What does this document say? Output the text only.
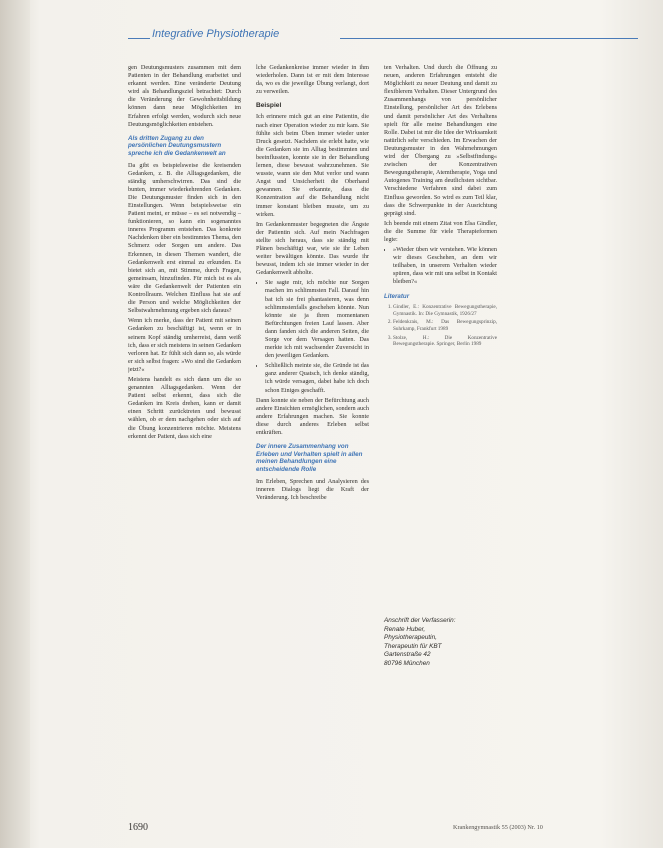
Integrative Physiotherapie

gen Deutungsmusters zusammen mit dem Patienten in der Behandlung erarbeitet und erkannt werden. Eine veränderte Deutung wird als Behandlungsziel betrachtet: Durch die Veränderung der Gewohnheitsbildung können dann neue Möglichkeiten im Erfahren erfolgt werden, wodurch sich neue Deutungsmöglichkeiten entstehen.

Als dritten Zugang zu den persönlichen Deutungsmustern spreche ich die Gedankenwelt an

Da gibt es beispielsweise die kreisenden Gedanken, z. B. die Alltagsgedanken, die ständig umherschwirren. Das sind die bunten, immer wiederkehrenden Gedanken. Die Deutungsmuster finden sich in den Einstellungen. Wenn beispielsweise ein Patient meint, er müsse – es sei notwendig – funktionieren, so kann ein sogenanntes inneres Programm entstehen. Das konkrete Nachdenken über ein bestimmtes Thema, den Schmerz oder Sorgen um andere. Das Erkennen, in diesen Themen wandert, die Gedankenwelt erst einmal zu erkunden. Es bietet sich an, mit Stimme, durch Fragen, gemeinsam, hinzufinden. Für mich ist es als wäre die Gedankenwelt der Patienten ein Kontrollraum. Welchen Einfluss hat sie auf die Person und welche Möglichkeiten der Selbstwahrnehmung ergeben sich daraus?

Wenn ich merke, dass der Patient mit seinen Gedanken zu beschäftigt ist, wenn er in seinem Kopf ständig umherreist, dann weiß ich, dass er sich meistens in seinen Gedanken verloren hat. Er fühlt sich dann so, als würde er sich selbst fragen: »Wo sind die Gedanken jetzt?«

Meistens handelt es sich dann um die so genannten Alltagsgedanken. Wenn der Patient selbst erkennt, dass sich die Gedanken im Kreis drehen, kann er damit einen Schritt zurücktreten und bewusst wählen, ob er dem nachgehen oder sich auf die Übung konzentrieren möchte. Meistens erkennt der Patient, dass sich eine

lche Gedankenkreise immer wieder in ihm wiederholen. Dann ist er mit dem Interesse da, wo es die jeweilige Übung verlangt, dort zu verweilen.

Beispiel

Ich erinnere mich gut an eine Patientin, die nach einer Operation wieder zu mir kam. Sie fühlte sich beim Üben immer wieder unter Druck gesetzt. Nachdem sie erlebt hatte, wie die Gedanken sie im Alltag bestimmten und beeinflussten, konnte sie in der Behandlung lernen, diese bewusst wahrzunehmen. Sie wusste, wann sie den Mut verlor und wann Angst und Unsicherheit die Oberhand gewannen. Sie erkannte, dass die Konzentration auf die Behandlung nicht immer konstant bleiben musste, um zu wirken.

Im Gedankenmuster begegneten die Ängste der Patientin sich. Auf mein Nachfragen stellte sich heraus, dass sie ständig mit Plänen beschäftigt war, wie sie ihr Leben weiter bewältigen könnte. Das wurde ihr bewusst, indem ich sie immer wieder in der Gedankenwelt abholte.

• Sie sagte mir, ich möchte nur Sorgen machen im schlimmsten Fall. Darauf hin bat ich sie frei phantasieren, was denn schlimmstenfalls geschehen könnte. Nun könnte sie ja ihren momentanen Befürchtungen freien Lauf lassen. Aber dann fanden sich die anderen Seiten, die Sorge vor dem Versagen hatten. Das merkte ich mit wachsender Zuversicht in den jeweiligen Gedanken.
• Schließlich meinte sie, die Gründe ist das ganz anderer Quatsch, ich denke ständig, ich würde versagen, dabei habe ich doch schon Einiges geschafft.

Dann konnte sie neben der Befürchtung auch andere Einsichten ermöglichen, sondern auch andere Erfahrungen machen. Sie konnte diese durch anderes Erleben selbst entkräften.

Der innere Zusammenhang von Erleben und Verhalten spielt in allen meinen Behandlungen eine entscheidende Rolle

Im Erleben, Sprechen und Analysieren des inneren Dialogs liegt die Kraft der Veränderung. Ich beschreibe

ten Verhalten. Und durch die Öffnung zu neuen, anderen Erfahrungen entsteht die Möglichkeit zu neuer Deutung und damit zu flexiblerem Verhalten. Dieser Untergrund des Zusammenhangs von persönlicher Einstellung, persönlicher Art des Erlebens und damit persönlicher Art des Verhaltens spielt für alle meine Behandlungen eine Rolle. Dabei ist mir die Idee der Wirksamkeit natürlich sehr verschieden. Im Erwachen der Deutungsmuster in den Wahrnehmungen wird der Übergang zu »Selbstfindung« zwischen der Konzentrativen Bewegungstherapie, Atemtherapie, Yoga und Autogenes Training am deutlichsten sichtbar. Verschiedene Verfahren sind dabei zum Einfluss geworden. So wird es zum Teil klar, dass die Schwerpunkte in der Ausrichtung geprägt sind.

Ich beende mit einem Zitat von Elsa Gindler, die die Summe für viele Therapieformen legte:

• »Wieder üben wir verstehen. Wie können wir dieses Geschehen, an dem wir teilhaben, in unserem Verhalten wieder spüren, dass wir mit uns selbst in Kontakt bleiben?«
Literatur
1. Gindler, E.: Konzentrative Bewegungstherapie, Gymnastik. In: Die Gymnastik, 1926/27
2. Feldenkrais, M.: Das Bewegungsprinzip, Suhrkamp, Frankfurt 1989
3. Stolze, H.: Die Konzentrative Bewegungstherapie. Springer, Berlin 1989
Anschrift der Verfasserin:
Renate Huber,
Physiotherapeutin,
Therapeutin für KBT
Gartenstraße 42
80796 München
1690	Krankengymnastik 55 (2003) Nr. 10
